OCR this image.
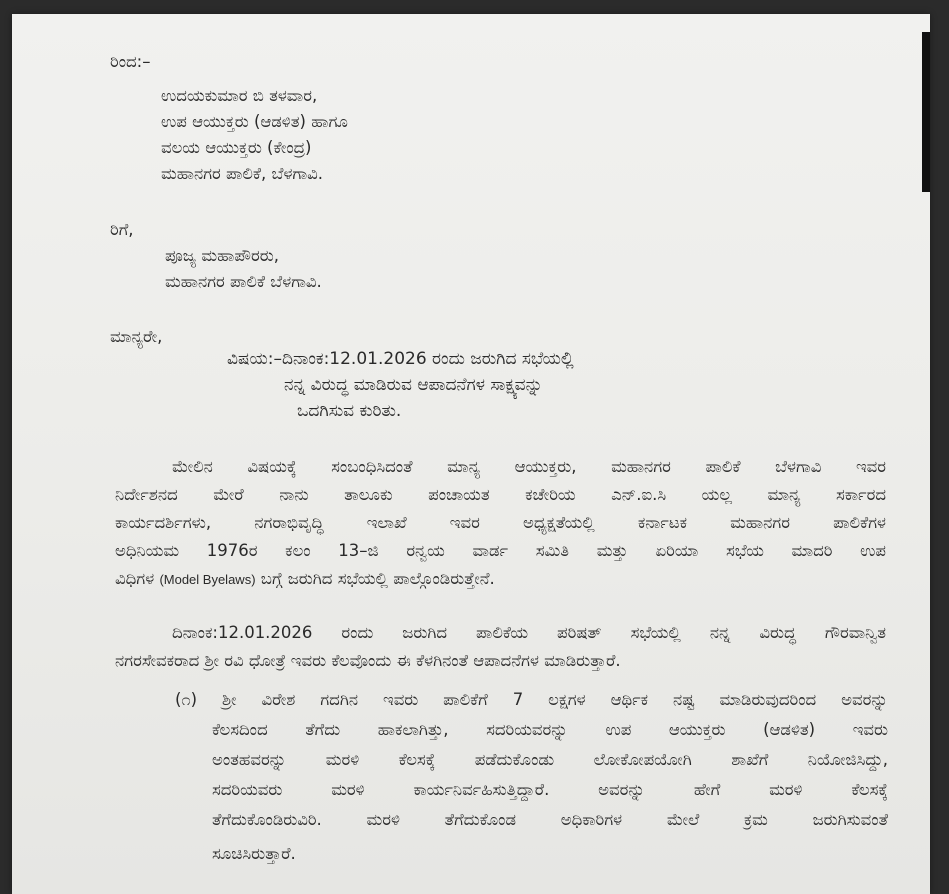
ರಿಂದ:–
ಉದಯಕುಮಾರ ಬಿ ತಳವಾರ,
ಉಪ ಆಯುಕ್ತರು (ಆಡಳಿತ) ಹಾಗೂ
ವಲಯ ಆಯುಕ್ತರು (ಕೇಂದ್ರ)
ಮಹಾನಗರ ಪಾಲಿಕೆ, ಬೆಳಗಾವಿ.
ರಿಗೆ,
ಪೂಜ್ಯ ಮಹಾಪೌರರು,
ಮಹಾನಗರ ಪಾಲಿಕೆ ಬೆಳಗಾವಿ.
ಮಾನ್ಯರೇ,
ವಿಷಯ:–ದಿನಾಂಕ:12.01.2026 ರಂದು ಜರುಗಿದ ಸಭೆಯಲ್ಲಿ
ನನ್ನ ವಿರುದ್ಧ ಮಾಡಿರುವ ಆಪಾದನೆಗಳ ಸಾಕ್ಷ್ಯವನ್ನು
ಒದಗಿಸುವ ಕುರಿತು.
ಮೇಲಿನ ವಿಷಯಕ್ಕೆ ಸಂಬಂಧಿಸಿದಂತೆ ಮಾನ್ಯ ಆಯುಕ್ತರು, ಮಹಾನಗರ ಪಾಲಿಕೆ ಬೆಳಗಾವಿ ಇವರ
ನಿರ್ದೇಶನದ ಮೇರೆ ನಾನು ತಾಲೂಕು ಪಂಚಾಯತ ಕಚೇರಿಯ ಎನ್.ಐ.ಸಿ ಯಲ್ಲ ಮಾನ್ಯ ಸರ್ಕಾರದ
ಕಾರ್ಯದರ್ಶಿಗಳು, ನಗರಾಭಿವೃದ್ಧಿ ಇಲಾಖೆ ಇವರ ಅಧ್ಯಕ್ಷತೆಯಲ್ಲಿ ಕರ್ನಾಟಕ ಮಹಾನಗರ ಪಾಲಿಕೆಗಳ
ಅಧಿನಿಯಮ 1976ರ ಕಲಂ 13–ಜಿ ರನ್ವಯ ವಾರ್ಡ ಸಮಿತಿ ಮತ್ತು ಏರಿಯಾ ಸಭೆಯ ಮಾದರಿ ಉಪ
ವಿಧಿಗಳ (Model Byelaws) ಬಗ್ಗೆ ಜರುಗಿದ ಸಭೆಯಲ್ಲಿ ಪಾಲ್ಗೊಂಡಿರುತ್ತೇನೆ.
ದಿನಾಂಕ:12.01.2026 ರಂದು ಜರುಗಿದ ಪಾಲಿಕೆಯ ಪರಿಷತ್ ಸಭೆಯಲ್ಲಿ ನನ್ನ ವಿರುದ್ಧ ಗೌರವಾನ್ವಿತ
ನಗರಸೇವಕರಾದ ಶ್ರೀ ರವಿ ಧೋತ್ರೆ ಇವರು ಕೆಲವೊಂದು ಈ ಕೆಳಗಿನಂತೆ ಆಪಾದನೆಗಳ ಮಾಡಿರುತ್ತಾರೆ.
(೧) ಶ್ರೀ ವಿರೇಶ ಗದಗಿನ ಇವರು ಪಾಲಿಕೆಗೆ 7 ಲಕ್ಷಗಳ ಆರ್ಥಿಕ ನಷ್ಟ ಮಾಡಿರುವುದರಿಂದ ಅವರನ್ನು
ಕೆಲಸದಿಂದ ತೆಗೆದು ಹಾಕಲಾಗಿತ್ತು, ಸದರಿಯವರನ್ನು ಉಪ ಆಯುಕ್ತರು (ಆಡಳಿತ) ಇವರು
ಅಂತಹವರನ್ನು ಮರಳಿ ಕೆಲಸಕ್ಕೆ ಪಡೆದುಕೊಂಡು ಲೋಕೋಪಯೋಗಿ ಶಾಖೆಗೆ ನಿಯೋಜಿಸಿದ್ದು,
ಸದರಿಯವರು ಮರಳಿ ಕಾರ್ಯನಿರ್ವಹಿಸುತ್ತಿದ್ದಾರೆ. ಅವರನ್ನು ಹೇಗೆ ಮರಳಿ ಕೆಲಸಕ್ಕೆ
ತೆಗೆದುಕೊಂಡಿರುವಿರಿ. ಮರಳಿ ತೆಗೆದುಕೊಂಡ ಅಧಿಕಾರಿಗಳ ಮೇಲೆ ಕ್ರಮ ಜರುಗಿಸುವಂತೆ
ಸೂಚಿಸಿರುತ್ತಾರೆ.
